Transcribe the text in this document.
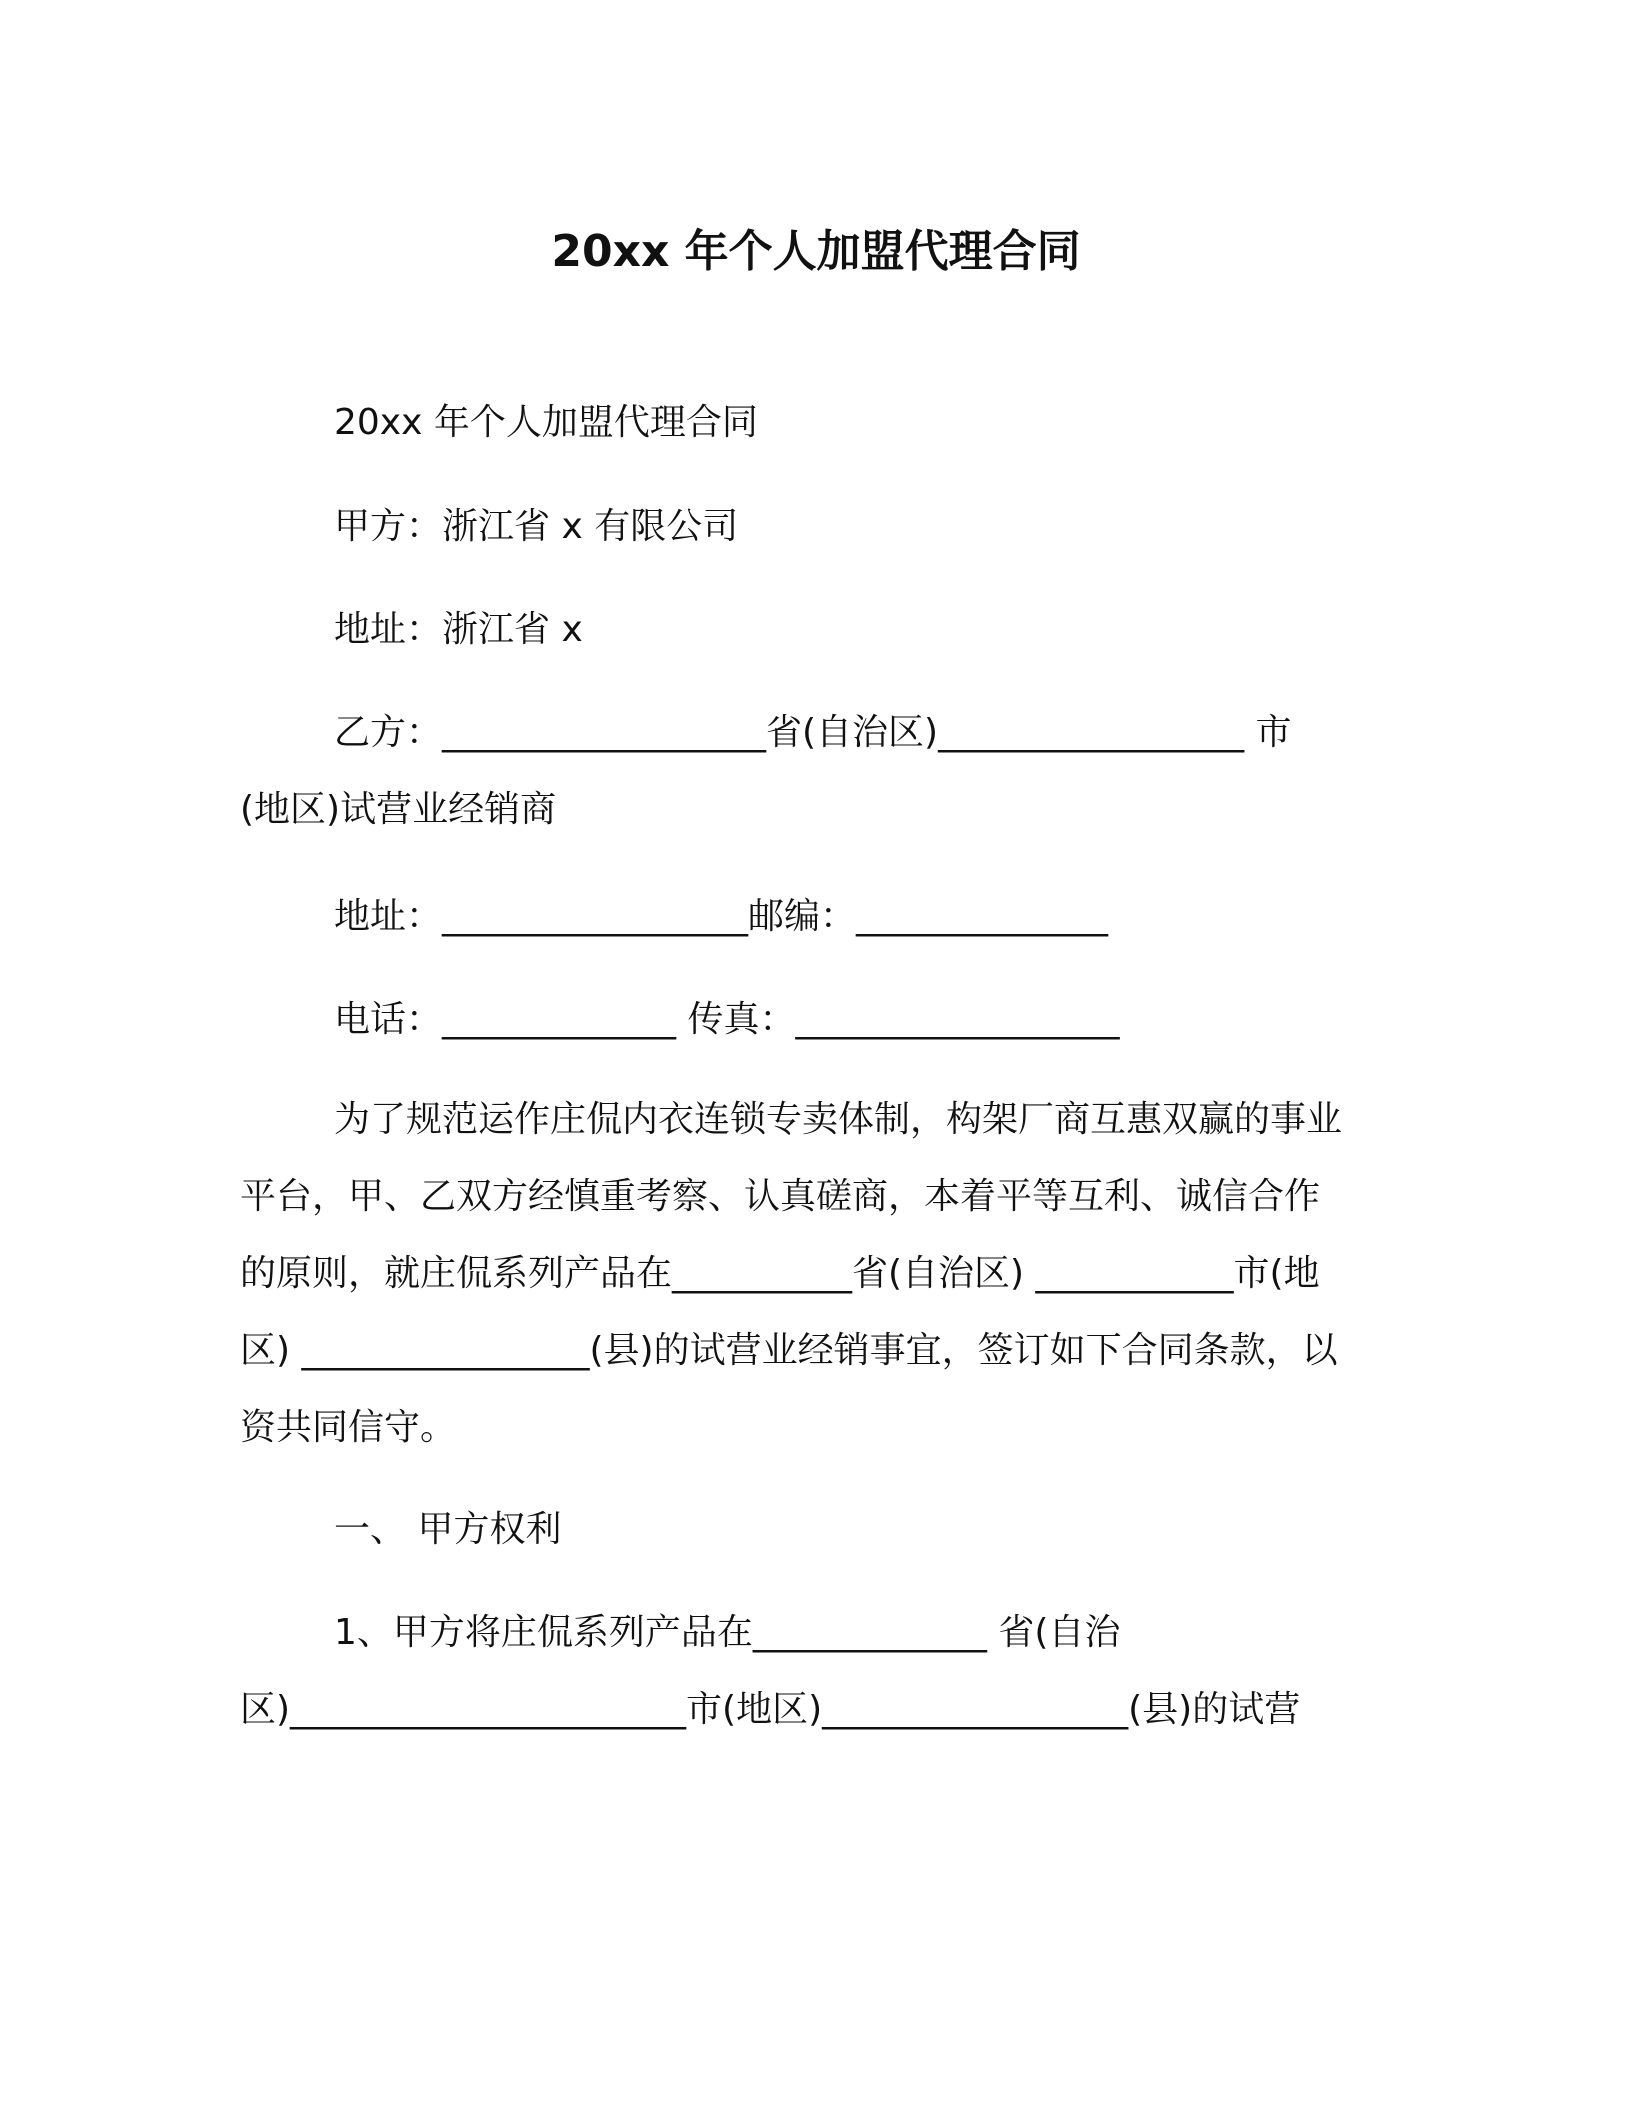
20xx 年个人加盟代理合同
20xx 年个人加盟代理合同
甲方：浙江省 x 有限公司
地址：浙江省 x
乙方：__________________省(自治区)_________________ 市
(地区)试营业经销商
地址：_________________邮编：______________
电话：_____________ 传真：__________________
为了规范运作庄侃内衣连锁专卖体制，构架厂商互惠双赢的事业
平台，甲、乙双方经慎重考察、认真磋商，本着平等互利、诚信合作
的原则，就庄侃系列产品在__________省(自治区) ___________市(地
区) ________________(县)的试营业经销事宜，签订如下合同条款，以
资共同信守。
一、 甲方权利
1、甲方将庄侃系列产品在_____________ 省(自治
区)______________________市(地区)_________________(县)的试营
